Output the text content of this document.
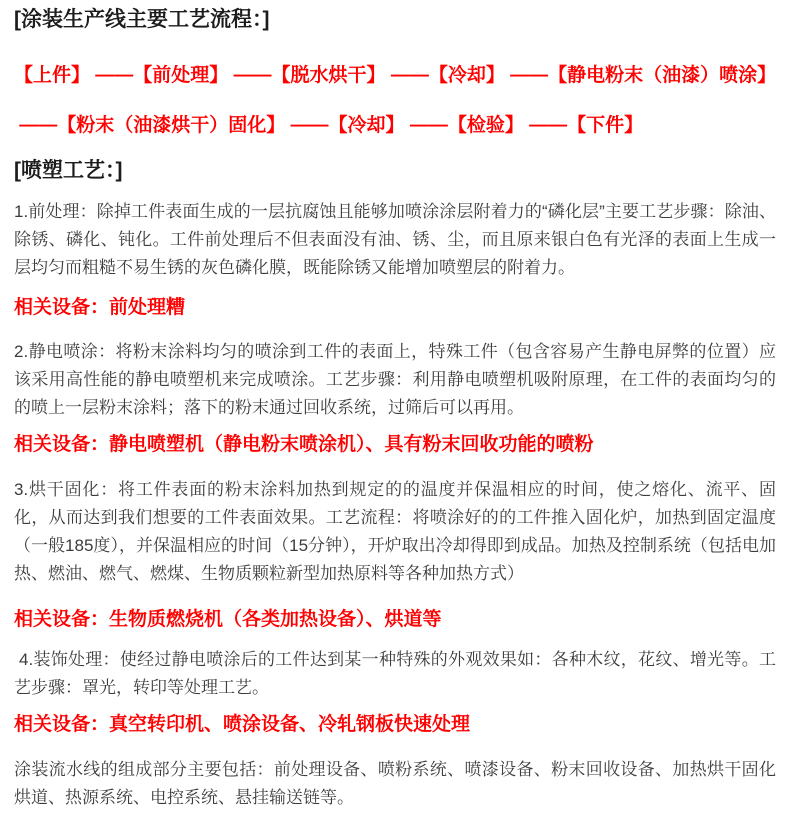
[涂装生产线主要工艺流程：]
【上件】 ——【前处理】 ——【脱水烘干】 ——【冷却】 ——【静电粉末（油漆）喷涂】
——【粉末（油漆烘干）固化】 ——【冷却】 ——【检验】 ——【下件】
[喷塑工艺：]
1.前处理：除掉工件表面生成的一层抗腐蚀且能够加喷涂涂层附着力的“磷化层”主要工艺步骤：除油、除锈、磷化、钝化。工件前处理后不但表面没有油、锈、尘，而且原来银白色有光泽的表面上生成一层均匀而粗糙不易生锈的灰色磷化膜，既能除锈又能增加喷塑层的附着力。
相关设备：前处理糟
2.静电喷涂：将粉末涂料均匀的喷涂到工件的表面上，特殊工件（包含容易产生静电屏弊的位置）应该采用高性能的静电喷塑机来完成喷涂。工艺步骤：利用静电喷塑机吸附原理，在工件的表面均匀的的喷上一层粉末涂料；落下的粉末通过回收系统，过筛后可以再用。
相关设备：静电喷塑机（静电粉末喷涂机）、具有粉末回收功能的喷粉
3.烘干固化：将工件表面的粉末涂料加热到规定的的温度并保温相应的时间，使之熔化、流平、固化，从而达到我们想要的工件表面效果。工艺流程：将喷涂好的的工件推入固化炉，加热到固定温度（一般185度），并保温相应的时间（15分钟），开炉取出冷却得即到成品。加热及控制系统（包括电加热、燃油、燃气、燃煤、生物质颗粒新型加热原料等各种加热方式）
相关设备：生物质燃烧机（各类加热设备）、烘道等
4.装饰处理：使经过静电喷涂后的工件达到某一种特殊的外观效果如：各种木纹，花纹、增光等。工艺步骤：罩光，转印等处理工艺。
相关设备：真空转印机、喷涂设备、冷轧钢板快速处理
涂装流水线的组成部分主要包括：前处理设备、喷粉系统、喷漆设备、粉末回收设备、加热烘干固化烘道、热源系统、电控系统、悬挂输送链等。
